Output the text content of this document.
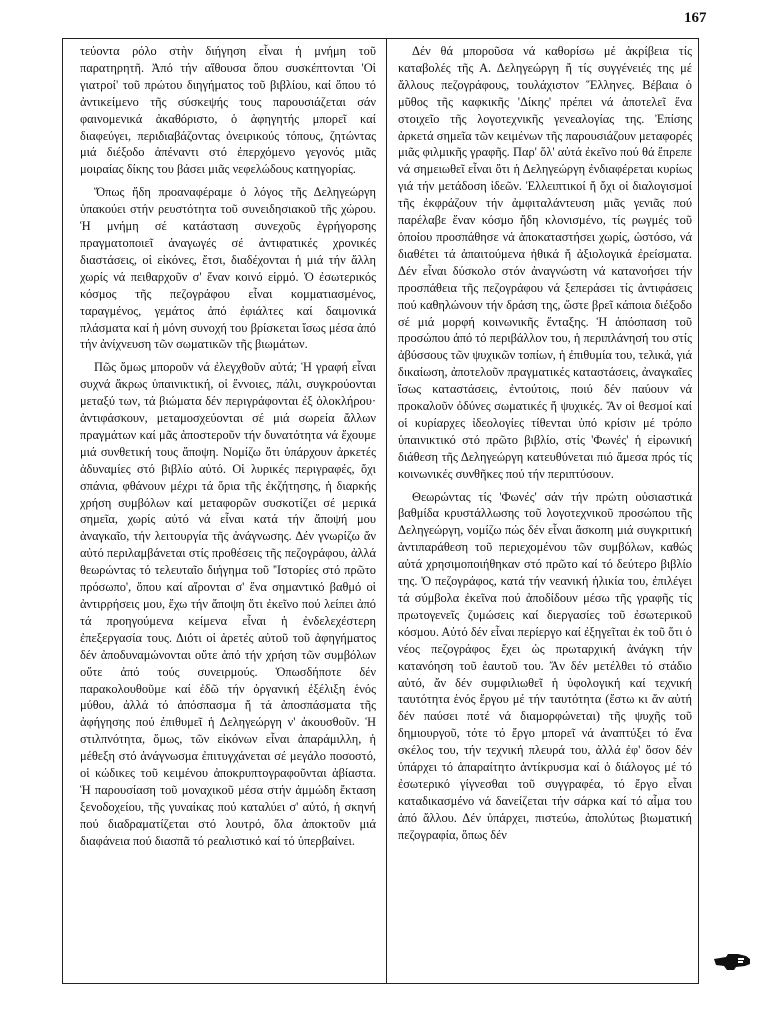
167

τεύοντα ρόλο στὴν διήγηση εἶναι ἡ μνήμη τοῦ παρατηρητῆ. Ἀπό τήν αἴθουσα ὅπου συσκέπτονται 'Οἱ γιατροί' τοῦ πρώτου διηγήματος τοῦ βιβλίου, καί ὅπου τό ἀντικείμενο τῆς σύσκεψής τους παρουσιάζεται σάν φαινομενικά ἀκαθόριστο, ὁ ἀφηγητής μπορεῖ καί διαφεύγει, περιδιαβάζοντας ὀνειρικούς τόπους, ζητώντας μιά διέξοδο ἀπέναντι στό ἐπερχόμενο γεγονός μιᾶς μοιραίας δίκης του βάσει μιᾶς νεφελώδους κατηγορίας.

Ὅπως ἤδη προαναφέραμε ὁ λόγος τῆς Δεληγεώργη ὑπακούει στήν ρευστότητα τοῦ συνειδησιακοῦ τῆς χώρου. Ἡ μνήμη σέ κατάσταση συνεχοῦς ἐγρήγορσης πραγματοποιεῖ ἀναγωγές σέ ἀντιφατικές χρονικές διαστάσεις, οἱ εἰκόνες, ἔτσι, διαδέχονται ἡ μιά τήν ἄλλη χωρίς νά πειθαρχοῦν σ' ἕναν κοινό εἱρμό. Ὁ ἐσωτερικός κόσμος τῆς πεζογράφου εἶναι κομματιασμένος, ταραγμένος, γεμάτος ἀπό ἐφιάλτες καί δαιμονικά πλάσματα καί ἡ μόνη συνοχή του βρίσκεται ἴσως μέσα ἀπό τήν ἀνίχνευση τῶν σωματικῶν τῆς βιωμάτων.

Πῶς ὅμως μποροῦν νά ἐλεγχθοῦν αὐτά; Ἡ γραφή εἶναι συχνά ἄκρως ὑπαινικτική, οἱ ἔννοιες, πάλι, συγκρούονται μεταξύ των, τά βιώματα δέν περιγράφονται ἐξ ὁλοκλήρου· ἀντιφάσκουν, μεταμοσχεύονται σέ μιά σωρεία ἄλλων πραγμάτων καί μᾶς ἀποστεροῦν τήν δυνατότητα νά ἔχουμε μιά συνθετική τους ἄποψη. Νομίζω ὅτι ὑπάρχουν ἀρκετές ἀδυναμίες στό βιβλίο αὐτό. Οἱ λυρικές περιγραφές, ὄχι σπάνια, φθάνουν μέχρι τά ὅρια τῆς ἐκζήτησης, ἡ διαρκής χρήση συμβόλων καί μεταφορῶν συσκοτίζει σέ μερικά σημεῖα, χωρίς αὐτό νά εἶναι κατά τήν ἄποψή μου ἀναγκαῖο, τήν λειτουργία τῆς ἀνάγνωσης. Δέν γνωρίζω ἄν αὐτό περιλαμβάνεται στίς προθέσεις τῆς πεζογράφου, ἀλλά θεωρώντας τό τελευταῖο διήγημα τοῦ 'Ἱστορίες στό πρῶτο πρόσωπο', ὅπου καί αἴρονται σ' ἕνα σημαντικό βαθμό οἱ ἀντιρρήσεις μου, ἔχω τήν ἄποψη ὅτι ἐκεῖνο πού λείπει ἀπό τά προηγούμενα κείμενα εἶναι ἡ ἐνδελεχέστερη ἐπεξεργασία τους. Διότι οἱ ἀρετές αὐτοῦ τοῦ ἀφηγήματος δέν ἀποδυναμώνονται οὔτε ἀπό τήν χρήση τῶν συμβόλων οὔτε ἀπό τούς συνειρμούς. Ὁπωσδήποτε δέν παρακολουθοῦμε καί ἐδῶ τήν ὀργανική ἐξέλιξη ἑνός μύθου, ἀλλά τό ἀπόσπασμα ἤ τά ἀποσπάσματα τῆς ἀφήγησης πού ἐπιθυμεῖ ἡ Δεληγεώργη ν' ἀκουσθοῦν. Ἡ στιλπνότητα, ὅμως, τῶν εἰκόνων εἶναι ἀπαράμιλλη, ἡ μέθεξη στό ἀνάγνωσμα ἐπιτυγχάνεται σέ μεγάλο ποσοστό, οἱ κώδικες τοῦ κειμένου ἀποκρυπτογραφοῦνται ἀβίαστα. Ἡ παρουσίαση τοῦ μοναχικοῦ μέσα στήν ἀμμώδη ἔκταση ξενοδοχείου, τῆς γυναίκας πού καταλύει σ' αὐτό, ἡ σκηνή πού διαδραματίζεται στό λουτρό, ὅλα ἀποκτοῦν μιά διαφάνεια πού διασπᾶ τό ρεαλιστικό καί τό ὑπερβαίνει.

Δέν θά μποροῦσα νά καθορίσω μέ ἀκρίβεια τίς καταβολές τῆς Α. Δεληγεώργη ἤ τίς συγγένειές της μέ ἄλλους πεζογράφους, τουλάχιστον Ἕλληνες. Βέβαια ὁ μῦθος τῆς καφκικῆς 'Δίκης' πρέπει νά ἀποτελεῖ ἕνα στοιχεῖο τῆς λογοτεχνικῆς γενεαλογίας της. Ἐπίσης ἀρκετά σημεῖα τῶν κειμένων τῆς παρουσιάζουν μεταφορές μιᾶς φιλμικῆς γραφῆς. Παρ' ὅλ' αὐτά ἐκεῖνο πού θά ἔπρεπε νά σημειωθεῖ εἶναι ὅτι ἡ Δεληγεώργη ἐνδιαφέρεται κυρίως γιά τήν μετάδοση ἰδεῶν. Ἐλλειπτικοί ἤ ὄχι οἱ διαλογισμοί τῆς ἐκφράζουν τήν ἀμφιταλάντευση μιᾶς γενιᾶς πού παρέλαβε ἕναν κόσμο ἤδη κλονισμένο, τίς ρωγμές τοῦ ὁποίου προσπάθησε νά ἀποκαταστήσει χωρίς, ὡστόσο, νά διαθέτει τά ἀπαιτούμενα ἠθικά ἤ ἀξιολογικά ἐρείσματα. Δέν εἶναι δύσκολο στόν ἀναγνώστη νά κατανοήσει τήν προσπάθεια τῆς πεζογράφου νά ξεπεράσει τίς ἀντιφάσεις πού καθηλώνουν τήν δράση της, ὥστε βρεῖ κάποια διέξοδο σέ μιά μορφή κοινωνικῆς ἔνταξης. Ἡ ἀπόσπαση τοῦ προσώπου ἀπό τό περιβάλλον του, ἡ περιπλάνησή του στίς ἀβύσσους τῶν ψυχικῶν τοπίων, ἡ ἐπιθυμία του, τελικά, γιά δικαίωση, ἀποτελοῦν πραγματικές καταστάσεις, ἀναγκαῖες ἴσως καταστάσεις, ἐντούτοις, ποιύ δέν παύουν νά προκαλοῦν ὀδύνες σωματικές ἤ ψυχικές. Ἄν οἱ θεσμοί καί οἱ κυρίαρχες ἰδεολογίες τίθενται ὑπό κρίσιν μέ τρόπο ὑπαινικτικό στό πρῶτο βιβλίο, στίς 'Φωνές' ἡ εἰρωνική διάθεση τῆς Δεληγεώργη κατευθύνεται πιό ἄμεσα πρός τίς κοινωνικές συνθῆκες πού τήν περιπτύσουν.

Θεωρώντας τίς 'Φωνές' σάν τήν πρώτη οὐσιαστικά βαθμίδα κρυστάλλωσης τοῦ λογοτεχνικοῦ προσώπου τῆς Δεληγεώργη, νομίζω πώς δέν εἶναι ἄσκοπη μιά συγκριτική ἀντιπαράθεση τοῦ περιεχομένου τῶν συμβόλων, καθώς αὐτά χρησιμοποιήθηκαν στό πρῶτο καί τό δεύτερο βιβλίο της. Ὁ πεζογράφος, κατά τήν νεανική ἡλικία του, ἐπιλέγει τά σύμβολα ἐκεῖνα πού ἀποδίδουν μέσω τῆς γραφῆς τίς πρωτογενεῖς ζυμώσεις καί διεργασίες τοῦ ἐσωτερικοῦ κόσμου. Αὐτό δέν εἶναι περίεργο καί ἐξηγεῖται ἐκ τοῦ ὅτι ὁ νέος πεζογράφος ἔχει ὡς πρωταρχική ἀνάγκη τήν κατανόηση τοῦ ἑαυτοῦ του. Ἄν δέν μετέλθει τό στάδιο αὐτό, ἄν δέν συμφιλιωθεῖ ἡ ὑφολογική καί τεχνική ταυτότητα ἑνός ἔργου μέ τήν ταυτότητα (ἔστω κι ἄν αὐτή δέν παύσει ποτέ νά διαμορφώνεται) τῆς ψυχῆς τοῦ δημιουργοῦ, τότε τό ἔργο μπορεῖ νά ἀναπτύξει τό ἕνα σκέλος του, τήν τεχνική πλευρά του, ἀλλά ἐφ' ὅσον δέν ὑπάρχει τό ἀπαραίτητο ἀντίκρυσμα καί ὁ διάλογος μέ τό ἐσωτερικό γίγνεσθαι τοῦ συγγραφέα, τό ἔργο εἶναι καταδικασμένο νά δανείζεται τήν σάρκα καί τό αἷμα του ἀπό ἄλλου. Δέν ὑπάρχει, πιστεύω, ἀπολύτως βιωματική πεζογραφία, ὅπως δέν
